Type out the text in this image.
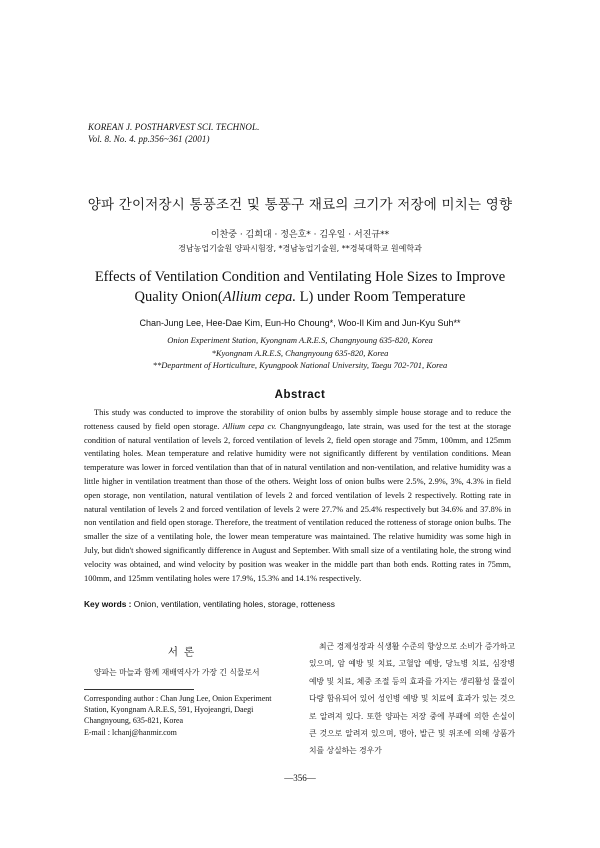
KOREAN J. POSTHARVEST SCI. TECHNOL.
Vol. 8. No. 4. pp.356~361 (2001)
양파 간이저장시 통풍조건 및 통풍구 재료의 크기가 저장에 미치는 영향
이찬중 · 김희대 · 정은호* · 김우일 · 서진규**
경남농업기술원 양파시험장, *경남농업기술원, **경북대학교 원예학과
Effects of Ventilation Condition and Ventilating Hole Sizes to Improve
Quality Onion(Allium cepa. L) under Room Temperature
Chan-Jung Lee, Hee-Dae Kim, Eun-Ho Choung*, Woo-Il Kim and Jun-Kyu Suh**
Onion Experiment Station, Kyongnam A.R.E.S, Changnyoung 635-820, Korea
*Kyongnam A.R.E.S, Changnyoung 635-820, Korea
**Department of Horticulture, Kyungpook National University, Taegu 702-701, Korea
Abstract
This study was conducted to improve the storability of onion bulbs by assembly simple house storage and to reduce the rotteness caused by field open storage. Allium cepa cv. Changnyungdeago, late strain, was used for the test at the storage condition of natural ventilation of levels 2, forced ventilation of levels 2, field open storage and 75mm, 100mm, and 125mm ventilating holes. Mean temperature and relative humidity were not significantly different by ventilation conditions. Mean temperature was lower in forced ventilation than that of in natural ventilation and non-ventilation, and relative humidity was a little higher in ventilation treatment than those of the others. Weight loss of onion bulbs were 2.5%, 2.9%, 3%, 4.3% in field open storage, non ventilation, natural ventilation of levels 2 and forced ventilation of levels 2 respectively. Rotting rate in natural ventilation of levels 2 and forced ventilation of levels 2 were 27.7% and 25.4% respectively but 34.6% and 37.8% in non ventilation and field open storage. Therefore, the treatment of ventilation reduced the rotteness of storage onion bulbs. The smaller the size of a ventilating hole, the lower mean temperature was maintained. The relative humidity was some high in July, but didn't showed significantly difference in August and September. With small size of a ventilating hole, the strong wind velocity was obtained, and wind velocity by position was weaker in the middle part than both ends. Rotting rates in 75mm, 100mm, and 125mm ventilating holes were 17.9%, 15.3% and 14.1% respectively.
Key words : Onion, ventilation, ventilating holes, storage, rotteness
서론
양파는 마늘과 함께 재배역사가 가장 긴 식물로서
Corresponding author : Chan Jung Lee, Onion Experiment
Station, Kyongnam A.R.E.S, 591, Hyojeangri, Daegi
Changnyoung, 635-821, Korea
E-mail : lchanj@hanmir.com
최근 경제성장과 식생활 수준의 향상으로 소비가 증가하고 있으며, 암 예방 및 치료, 고혈압 예방, 당뇨병 치료, 심장병 예방 및 치료, 체중 조절 등의 효과를 가지는 생리활성 물질이 다량 함유되어 있어 성인병 예방 및 치료에 효과가 있는 것으로 알려져 있다. 또한 양파는 저장 중에 부패에 의한 손실이 큰 것으로 알려져 있으며, 맹아, 발근 및 위조에 의해 상품가치를 상실하는 경우가
—356—
